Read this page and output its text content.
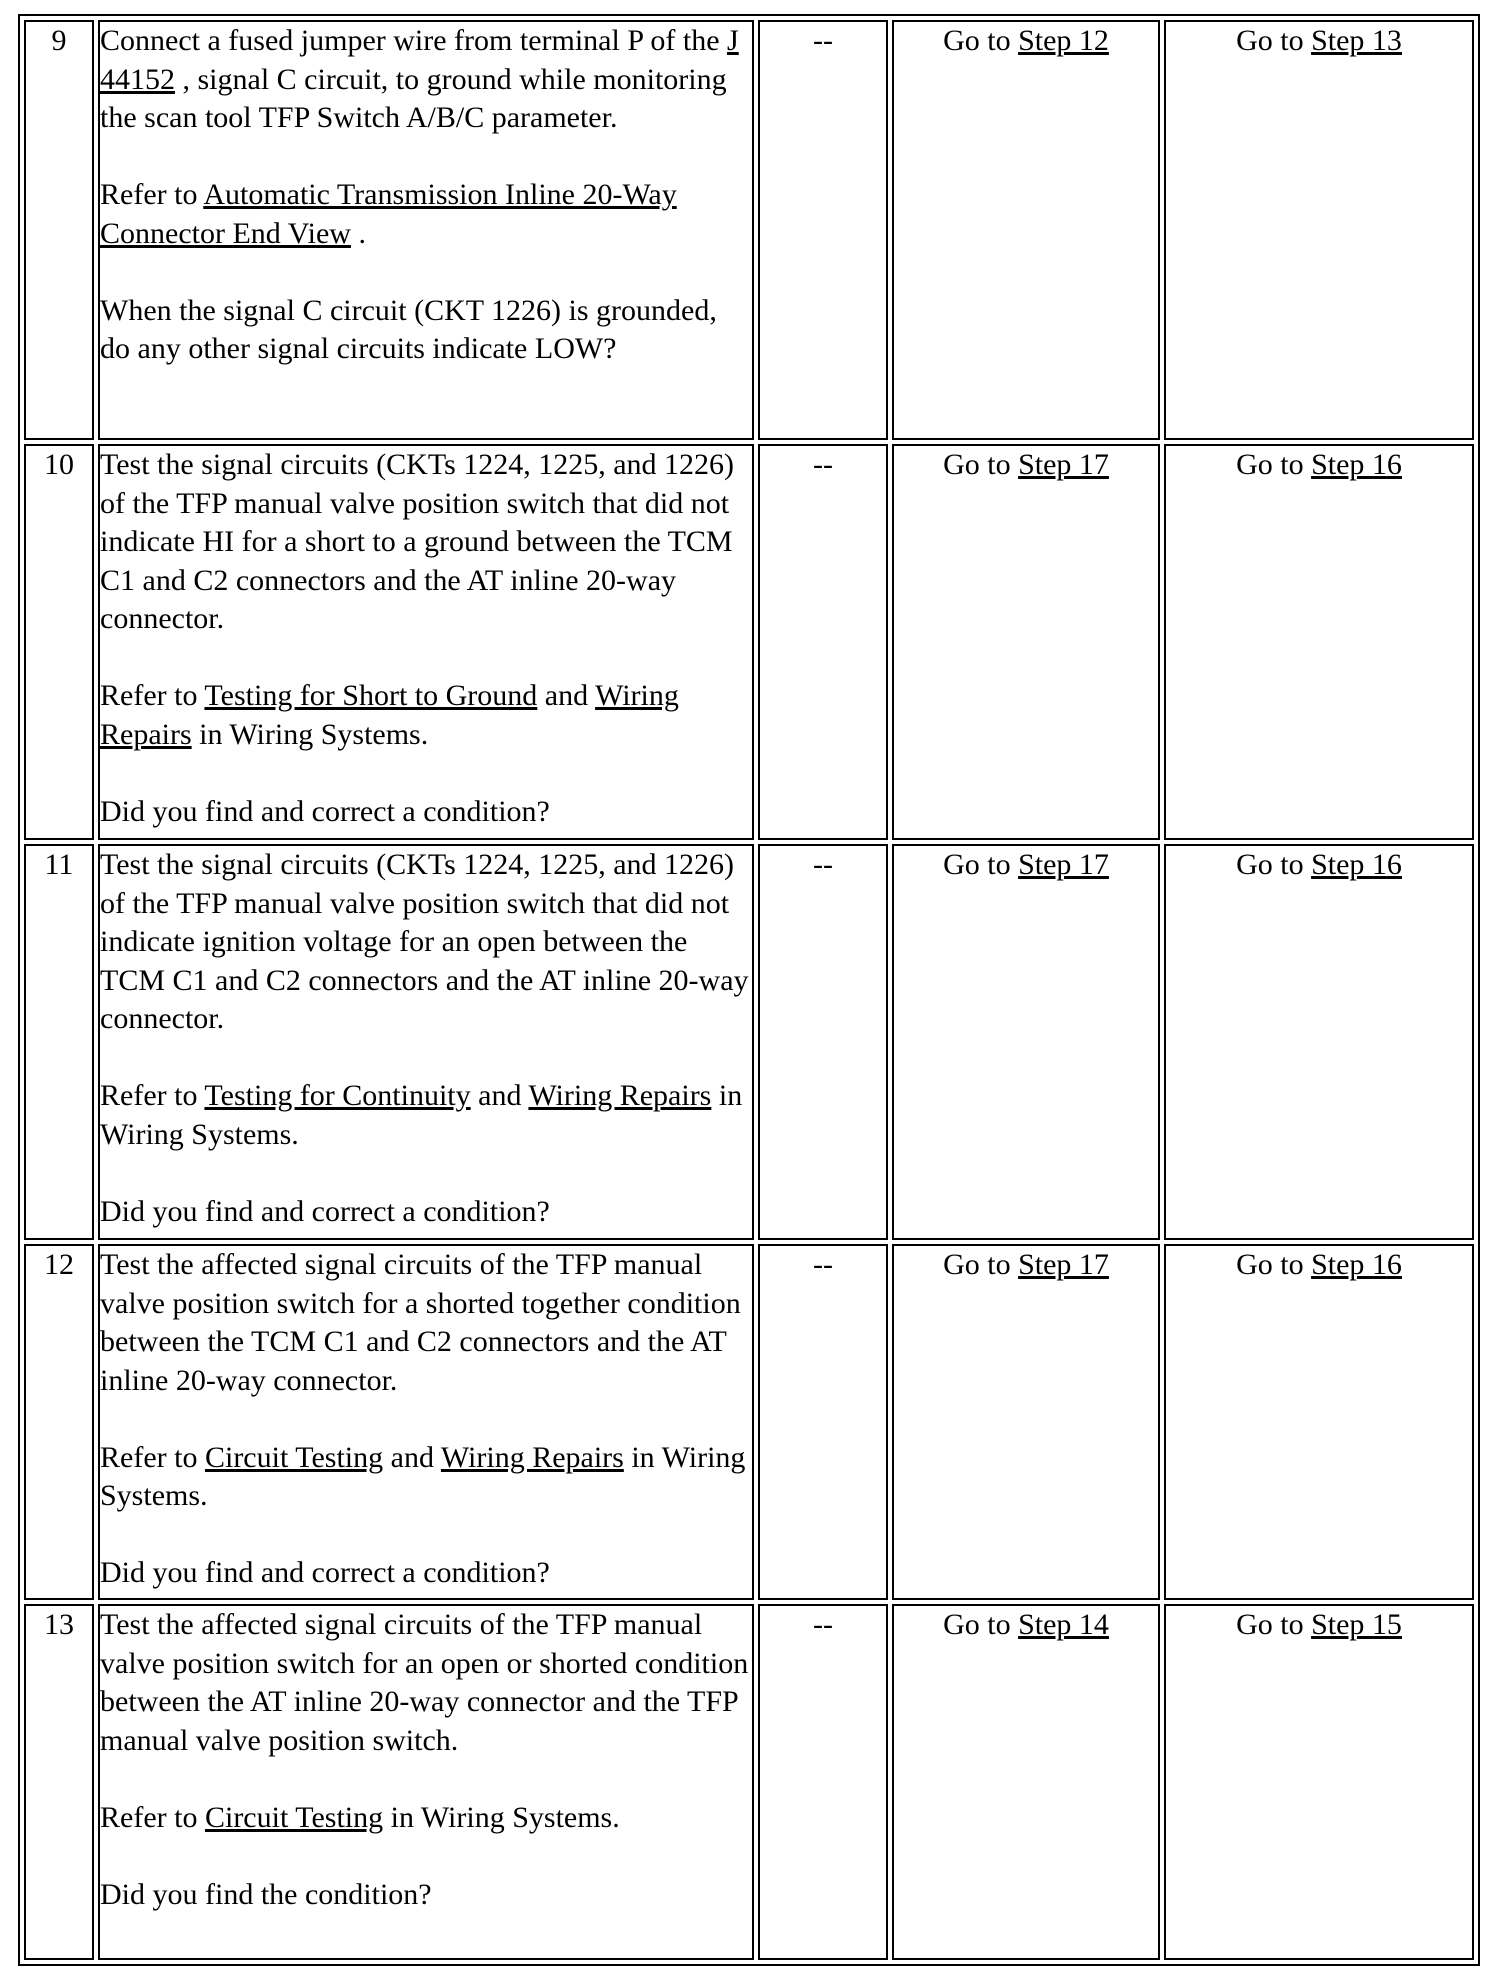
9	Connect a fused jumper wire from terminal P of the J 44152 , signal C circuit, to ground while monitoring the scan tool TFP Switch A/B/C parameter.

Refer to Automatic Transmission Inline 20-Way Connector End View .

When the signal C circuit (CKT 1226) is grounded, do any other signal circuits indicate LOW?	--	Go to Step 12	Go to Step 13
10	Test the signal circuits (CKTs 1224, 1225, and 1226) of the TFP manual valve position switch that did not indicate HI for a short to a ground between the TCM C1 and C2 connectors and the AT inline 20-way connector.

Refer to Testing for Short to Ground and Wiring Repairs in Wiring Systems.

Did you find and correct a condition?	--	Go to Step 17	Go to Step 16
11	Test the signal circuits (CKTs 1224, 1225, and 1226) of the TFP manual valve position switch that did not indicate ignition voltage for an open between the TCM C1 and C2 connectors and the AT inline 20-way connector.

Refer to Testing for Continuity and Wiring Repairs in Wiring Systems.

Did you find and correct a condition?	--	Go to Step 17	Go to Step 16
12	Test the affected signal circuits of the TFP manual valve position switch for a shorted together condition between the TCM C1 and C2 connectors and the AT inline 20-way connector.

Refer to Circuit Testing and Wiring Repairs in Wiring Systems.

Did you find and correct a condition?	--	Go to Step 17	Go to Step 16
13	Test the affected signal circuits of the TFP manual valve position switch for an open or shorted condition between the AT inline 20-way connector and the TFP manual valve position switch.

Refer to Circuit Testing in Wiring Systems.

Did you find the condition?	--	Go to Step 14	Go to Step 15
